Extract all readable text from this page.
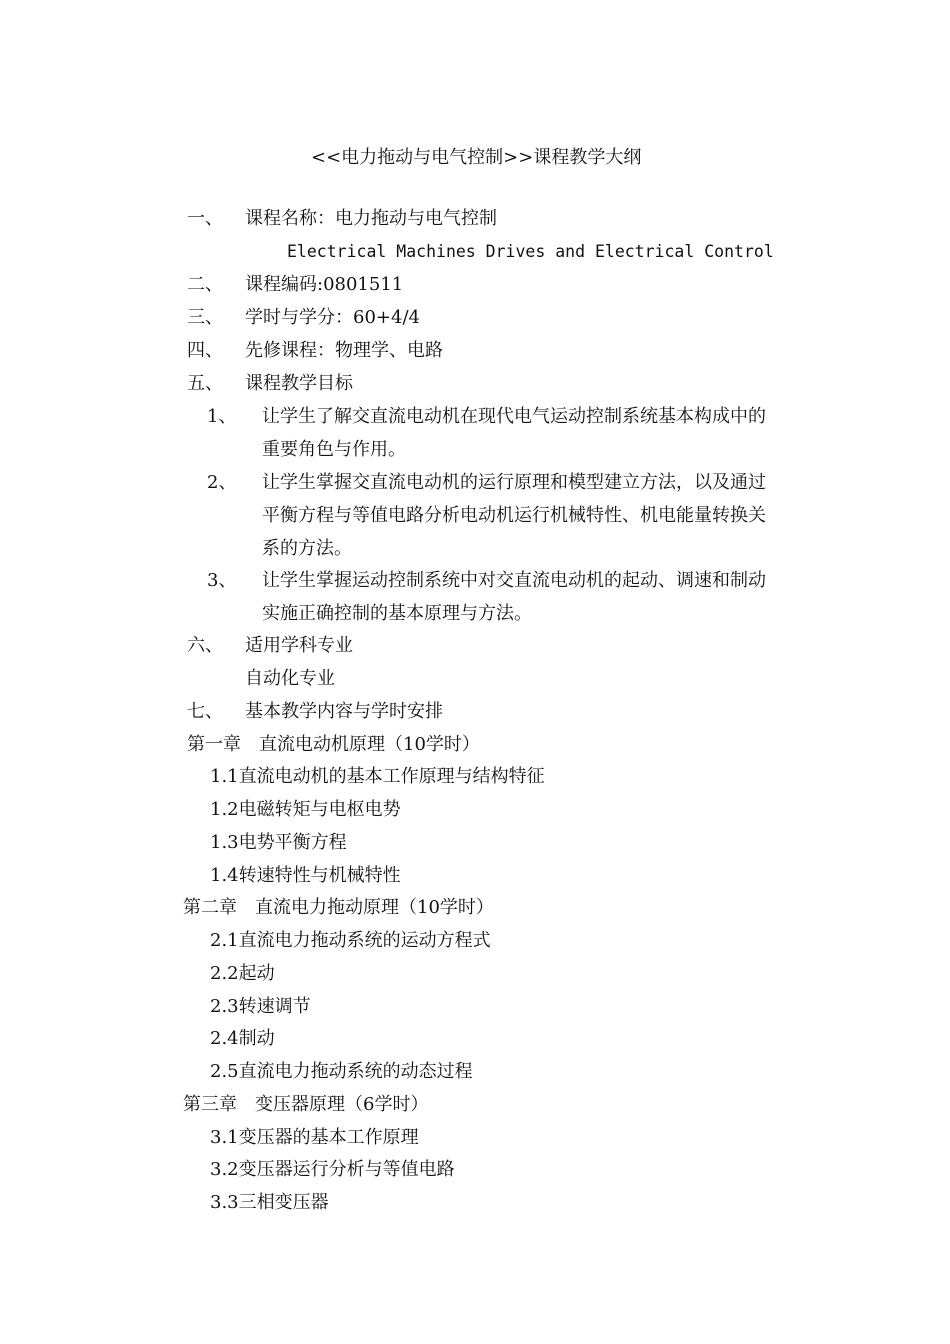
<<电力拖动与电气控制>>课程教学大纲
一、 课程名称：电力拖动与电气控制
Electrical Machines Drives and Electrical Control
二、 课程编码:0801511
三、 学时与学分：60+4/4
四、 先修课程：物理学、电路
五、 课程教学目标
1、 让学生了解交直流电动机在现代电气运动控制系统基本构成中的
重要角色与作用。
2、 让学生掌握交直流电动机的运行原理和模型建立方法，以及通过
平衡方程与等值电路分析电动机运行机械特性、机电能量转换关
系的方法。
3、 让学生掌握运动控制系统中对交直流电动机的起动、调速和制动
实施正确控制的基本原理与方法。
六、 适用学科专业
自动化专业
七、 基本教学内容与学时安排
第一章　直流电动机原理（10学时）
1.1直流电动机的基本工作原理与结构特征
1.2电磁转矩与电枢电势
1.3电势平衡方程
1.4转速特性与机械特性
第二章　直流电力拖动原理（10学时）
2.1直流电力拖动系统的运动方程式
2.2起动
2.3转速调节
2.4制动
2.5直流电力拖动系统的动态过程
第三章　变压器原理（6学时）
3.1变压器的基本工作原理
3.2变压器运行分析与等值电路
3.3三相变压器
